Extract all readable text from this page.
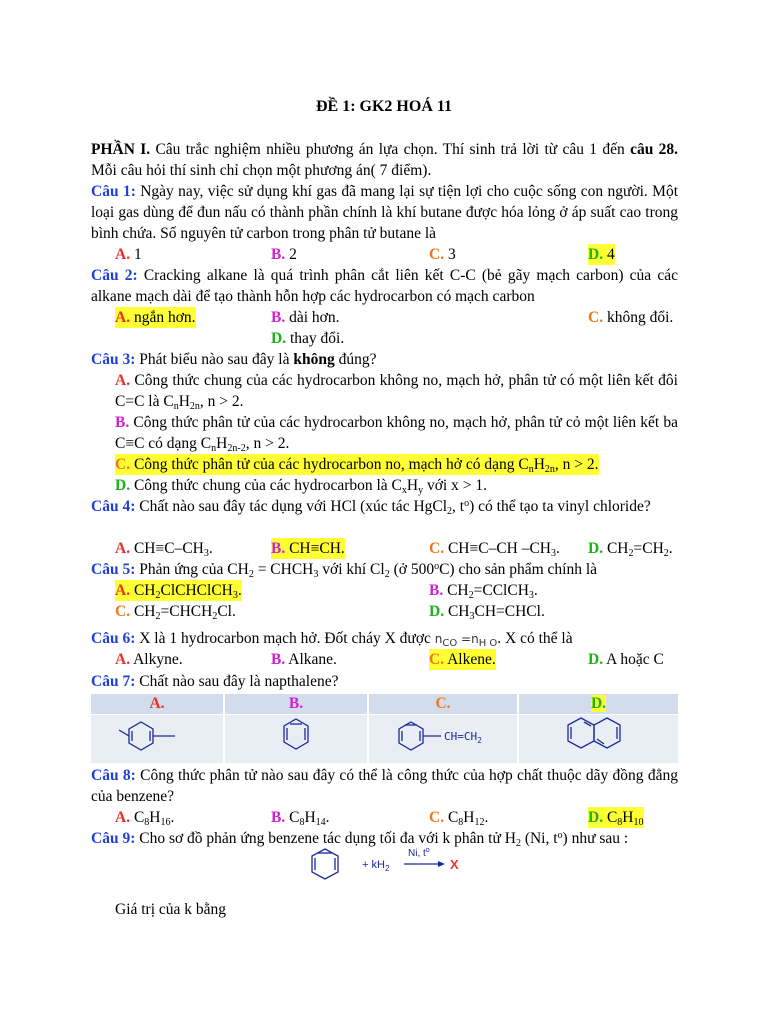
ĐỀ 1: GK2 HOÁ 11
PHẦN I. Câu trắc nghiệm nhiều phương án lựa chọn. Thí sinh trả lời từ câu 1 đến câu 28. Mỗi câu hỏi thí sinh chỉ chọn một phương án( 7 điểm).
Câu 1: Ngày nay, việc sử dụng khí gas đã mang lại sự tiện lợi cho cuộc sống con người. Một loại gas dùng để đun nấu có thành phần chính là khí butane được hóa lỏng ở áp suất cao trong bình chứa. Số nguyên tử carbon trong phân tử butane là
A. 1	B. 2	C. 3	D. 4
Câu 2: Cracking alkane là quá trình phân cắt liên kết C-C (bẻ gãy mạch carbon) của các alkane mạch dài để tạo thành hỗn hợp các hydrocarbon có mạch carbon
A. ngắn hơn.	B. dài hơn.	C. không đổi.
D. thay đổi.
Câu 3: Phát biểu nào sau đây là không đúng?
A. Công thức chung của các hydrocarbon không no, mạch hở, phân tử có một liên kết đôi C=C là $C_nH_{2n}$, n > 2.
B. Công thức phân tử của các hydrocarbon không no, mạch hở, phân tử cỏ một liên kết ba C≡C có dạng $C_nH_{2n-2}$, n > 2.
C. Công thức phân tử của các hydrocarbon no, mạch hở có dạng $C_nH_{2n}$, n > 2.
D. Công thức chung của các hydrocarbon là $C_xH_y$ với x > 1.
Câu 4: Chất nào sau đây tác dụng với HCl (xúc tác HgCl$_2$, $t^o$) có thể tạo ta vinyl chloride?
A. $CH\equiv C-CH_3$.	B. CH≡CH.	C. CH≡C–CH $-CH_3$. D. $CH_2=CH_2$.
Câu 5: Phản ứng của $CH_2$ = $CHCH_3$ với khí $Cl_2$ (ở 500$^o$C) cho sản phẩm chính là
A. $CH_2ClCHClCH_3$.	B. $CH_2=CClCH_3$.
C. $CH_2=CHCH_2Cl$.	D. $CH_3CH=CHCl$.
Câu 6: X là 1 hydrocarbon mạch hở. Đốt cháy X được $n_{CO} =n_{H O}$. X có thể là
A. Alkyne.	B. Alkane.	C. Alkene.	D. A hoặc C
Câu 7: Chất nào sau đây là napthalene?
A.	B.	C.	D.
$CH=CH_2$
Câu 8: Công thức phân tử nào sau đây có thể là công thức của hợp chất thuộc dãy đồng đẳng của benzene?
A. $C_8H_{16}$.	B. $C_8H_{14}$.	C. $C_8H_{12}$.	D. $C_8H_{10}$
Câu 9: Cho sơ đồ phản ứng benzene tác dụng tối đa với k phân tử $H_2$ (Ni, $t^o$) như sau :
+ $kH_2$
Ni, $t^o$
X
Giá trị của k bằng
